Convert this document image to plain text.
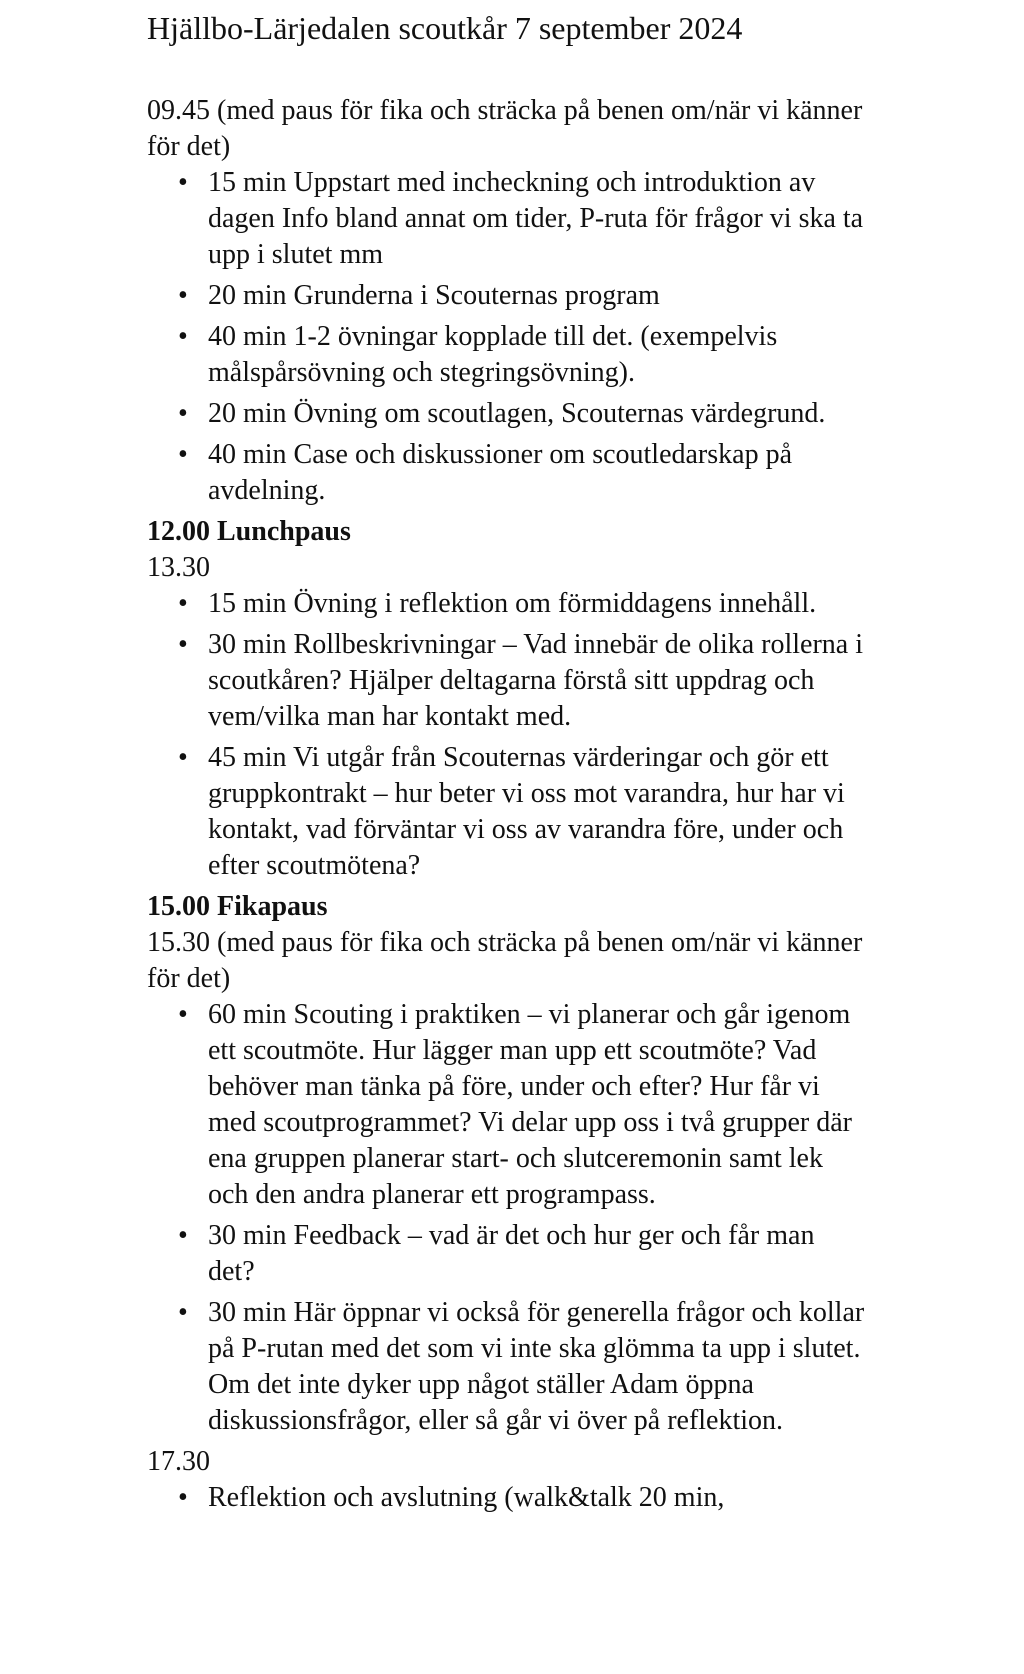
Hjällbo-Lärjedalen scoutkår 7 september 2024
09.45 (med paus för fika och sträcka på benen om/när vi känner för det)
• 15 min Uppstart med incheckning och introduktion av dagen Info bland annat om tider, P-ruta för frågor vi ska ta upp i slutet mm
• 20 min Grunderna i Scouternas program
• 40 min 1-2 övningar kopplade till det. (exempelvis målspårsövning och stegringsövning).
• 20 min Övning om scoutlagen, Scouternas värdegrund.
• 40 min Case och diskussioner om scoutledarskap på avdelning.
12.00 Lunchpaus
13.30
• 15 min Övning i reflektion om förmiddagens innehåll.
• 30 min Rollbeskrivningar – Vad innebär de olika rollerna i scoutkåren? Hjälper deltagarna förstå sitt uppdrag och vem/vilka man har kontakt med.
• 45 min Vi utgår från Scouternas värderingar och gör ett gruppkontrakt – hur beter vi oss mot varandra, hur har vi kontakt, vad förväntar vi oss av varandra före, under och efter scoutmötena?
15.00 Fikapaus
15.30 (med paus för fika och sträcka på benen om/när vi känner för det)
• 60 min Scouting i praktiken – vi planerar och går igenom ett scoutmöte. Hur lägger man upp ett scoutmöte? Vad behöver man tänka på före, under och efter? Hur får vi med scoutprogrammet? Vi delar upp oss i två grupper där ena gruppen planerar start- och slutceremonin samt lek och den andra planerar ett programpass.
• 30 min Feedback – vad är det och hur ger och får man det?
• 30 min Här öppnar vi också för generella frågor och kollar på P-rutan med det som vi inte ska glömma ta upp i slutet. Om det inte dyker upp något ställer Adam öppna diskussionsfrågor, eller så går vi över på reflektion.
17.30
• Reflektion och avslutning (walk&talk 20 min,
